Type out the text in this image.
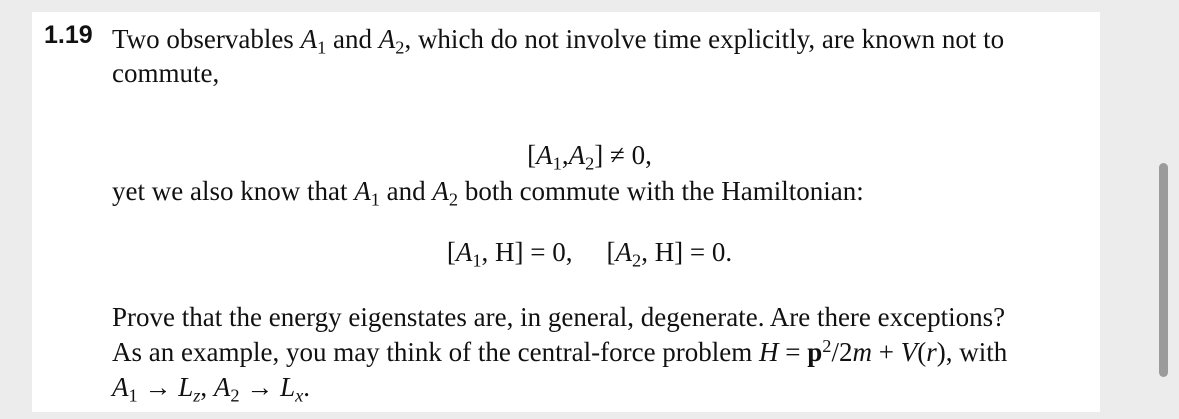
1.19 Two observables $A_1$ and $A_2$, which do not involve time explicitly, are known not to
commute,
$[A_1,A_2] \ne 0$,
yet we also know that $A_1$ and $A_2$ both commute with the Hamiltonian:
[$A_1$, H] = 0, [$A_2$, H] = 0.
Prove that the energy eigenstates are, in general, degenerate. Are there exceptions?
As an example, you may think of the central-force problem $H = p^2/2m + V(r)$, with
$A_1 \to L_z$, $A_2 \to L_x$.
